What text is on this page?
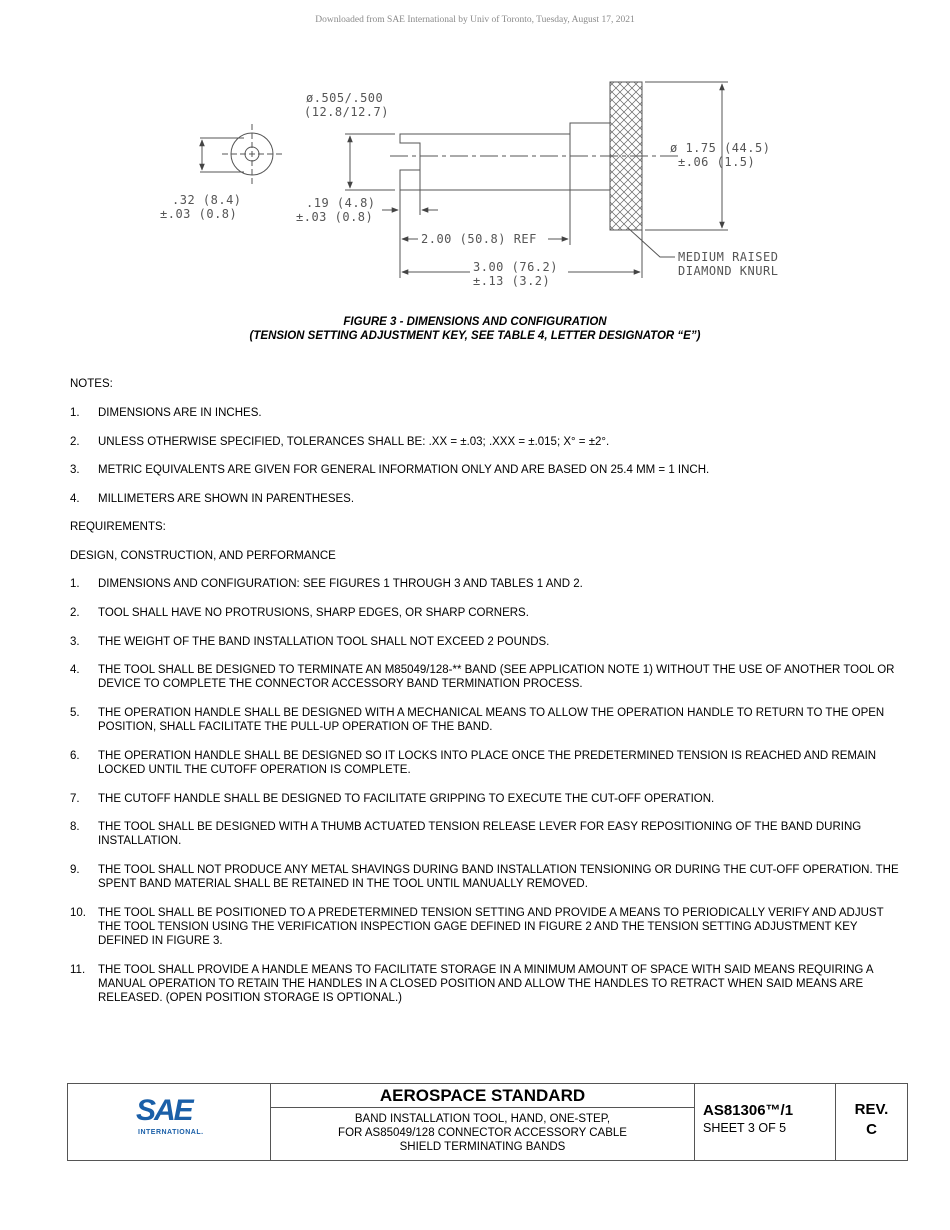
Downloaded from SAE International by Univ of Toronto, Tuesday, August 17, 2021
ø.505/.500
(12.8/12.7)
ø 1.75 (44.5)
±.06 (1.5)
.32 (8.4)
±.03 (0.8)
.19 (4.8)
±.03 (0.8)
2.00 (50.8) REF
3.00 (76.2)
±.13 (3.2)
MEDIUM RAISED
DIAMOND KNURL
FIGURE 3 - DIMENSIONS AND CONFIGURATION
(TENSION SETTING ADJUSTMENT KEY, SEE TABLE 4, LETTER DESIGNATOR “E”)
NOTES:
1.	DIMENSIONS ARE IN INCHES.
2.	UNLESS OTHERWISE SPECIFIED, TOLERANCES SHALL BE: .XX = ±.03; .XXX = ±.015; X° = ±2°.
3.	METRIC EQUIVALENTS ARE GIVEN FOR GENERAL INFORMATION ONLY AND ARE BASED ON 25.4 MM = 1 INCH.
4.	MILLIMETERS ARE SHOWN IN PARENTHESES.
REQUIREMENTS:
DESIGN, CONSTRUCTION, AND PERFORMANCE
1.	DIMENSIONS AND CONFIGURATION: SEE FIGURES 1 THROUGH 3 AND TABLES 1 AND 2.
2.	TOOL SHALL HAVE NO PROTRUSIONS, SHARP EDGES, OR SHARP CORNERS.
3.	THE WEIGHT OF THE BAND INSTALLATION TOOL SHALL NOT EXCEED 2 POUNDS.
4.	THE TOOL SHALL BE DESIGNED TO TERMINATE AN M85049/128-** BAND (SEE APPLICATION NOTE 1) WITHOUT THE USE OF ANOTHER TOOL OR DEVICE TO COMPLETE THE CONNECTOR ACCESSORY BAND TERMINATION PROCESS.
5.	THE OPERATION HANDLE SHALL BE DESIGNED WITH A MECHANICAL MEANS TO ALLOW THE OPERATION HANDLE TO RETURN TO THE OPEN POSITION, SHALL FACILITATE THE PULL-UP OPERATION OF THE BAND.
6.	THE OPERATION HANDLE SHALL BE DESIGNED SO IT LOCKS INTO PLACE ONCE THE PREDETERMINED TENSION IS REACHED AND REMAIN LOCKED UNTIL THE CUTOFF OPERATION IS COMPLETE.
7.	THE CUTOFF HANDLE SHALL BE DESIGNED TO FACILITATE GRIPPING TO EXECUTE THE CUT-OFF OPERATION.
8.	THE TOOL SHALL BE DESIGNED WITH A THUMB ACTUATED TENSION RELEASE LEVER FOR EASY REPOSITIONING OF THE BAND DURING INSTALLATION.
9.	THE TOOL SHALL NOT PRODUCE ANY METAL SHAVINGS DURING BAND INSTALLATION TENSIONING OR DURING THE CUT-OFF OPERATION. THE SPENT BAND MATERIAL SHALL BE RETAINED IN THE TOOL UNTIL MANUALLY REMOVED.
10.	THE TOOL SHALL BE POSITIONED TO A PREDETERMINED TENSION SETTING AND PROVIDE A MEANS TO PERIODICALLY VERIFY AND ADJUST THE TOOL TENSION USING THE VERIFICATION INSPECTION GAGE DEFINED IN FIGURE 2 AND THE TENSION SETTING ADJUSTMENT KEY DEFINED IN FIGURE 3.
11.	THE TOOL SHALL PROVIDE A HANDLE MEANS TO FACILITATE STORAGE IN A MINIMUM AMOUNT OF SPACE WITH SAID MEANS REQUIRING A MANUAL OPERATION TO RETAIN THE HANDLES IN A CLOSED POSITION AND ALLOW THE HANDLES TO RETRACT WHEN SAID MEANS ARE RELEASED. (OPEN POSITION STORAGE IS OPTIONAL.)
SAE
INTERNATIONAL.
AEROSPACE STANDARD
BAND INSTALLATION TOOL, HAND, ONE-STEP,
FOR AS85049/128 CONNECTOR ACCESSORY CABLE
SHIELD TERMINATING BANDS
AS81306™/1
SHEET 3 OF 5
REV.
C
